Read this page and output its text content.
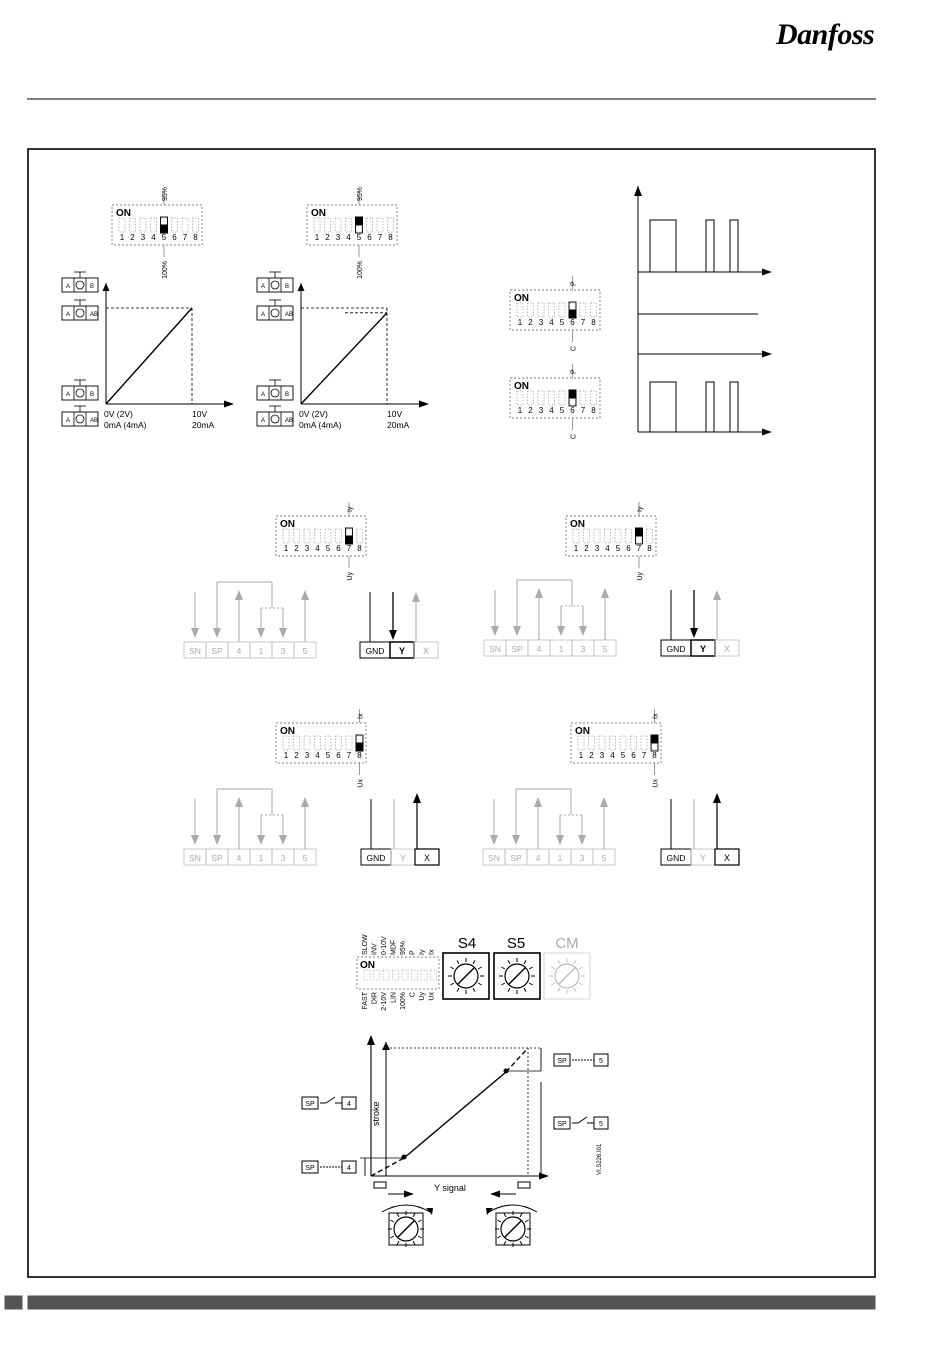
Danfoss
ON
1 2 3 4 5 6 7 8
95%
100%
0V (2V)
0mA (4mA)
10V
20mA
A	B
A	AB
A	B
A	AB
ON
1 2 3 4 5 6 7 8
95%
100%
0V (2V)
0mA (4mA)
10V
20mA
A	B
A	AB
A	B
A	AB
ON
1 2 3 4 5 6 7 8
P
C
ON
1 2 3 4 5 6 7 8
P
C
ON
1 2 3 4 5 6 7 8
Iy
Uy
ON
1 2 3 4 5 6 7 8
Iy
Uy
SN SP 4 1 3 5	GND Y X	SN SP 4 1 3 5	GND Y X
ON
1 2 3 4 5 6 7 8
Ix
Ux
ON
1 2 3 4 5 6 7 8
Ix
Ux
SN SP 4 1 3 5	GND Y X	SN SP 4 1 3 5	GND Y X
ON
SLOW INV 0-10V MDF 95% P Iy Ix
FAST DIR 2-10V LIN 100% C Uy Ux
S4 S5 CM
stroke
Y signal
VI.S226.I01
SP	4
SP	4
SP	5
SP	5
